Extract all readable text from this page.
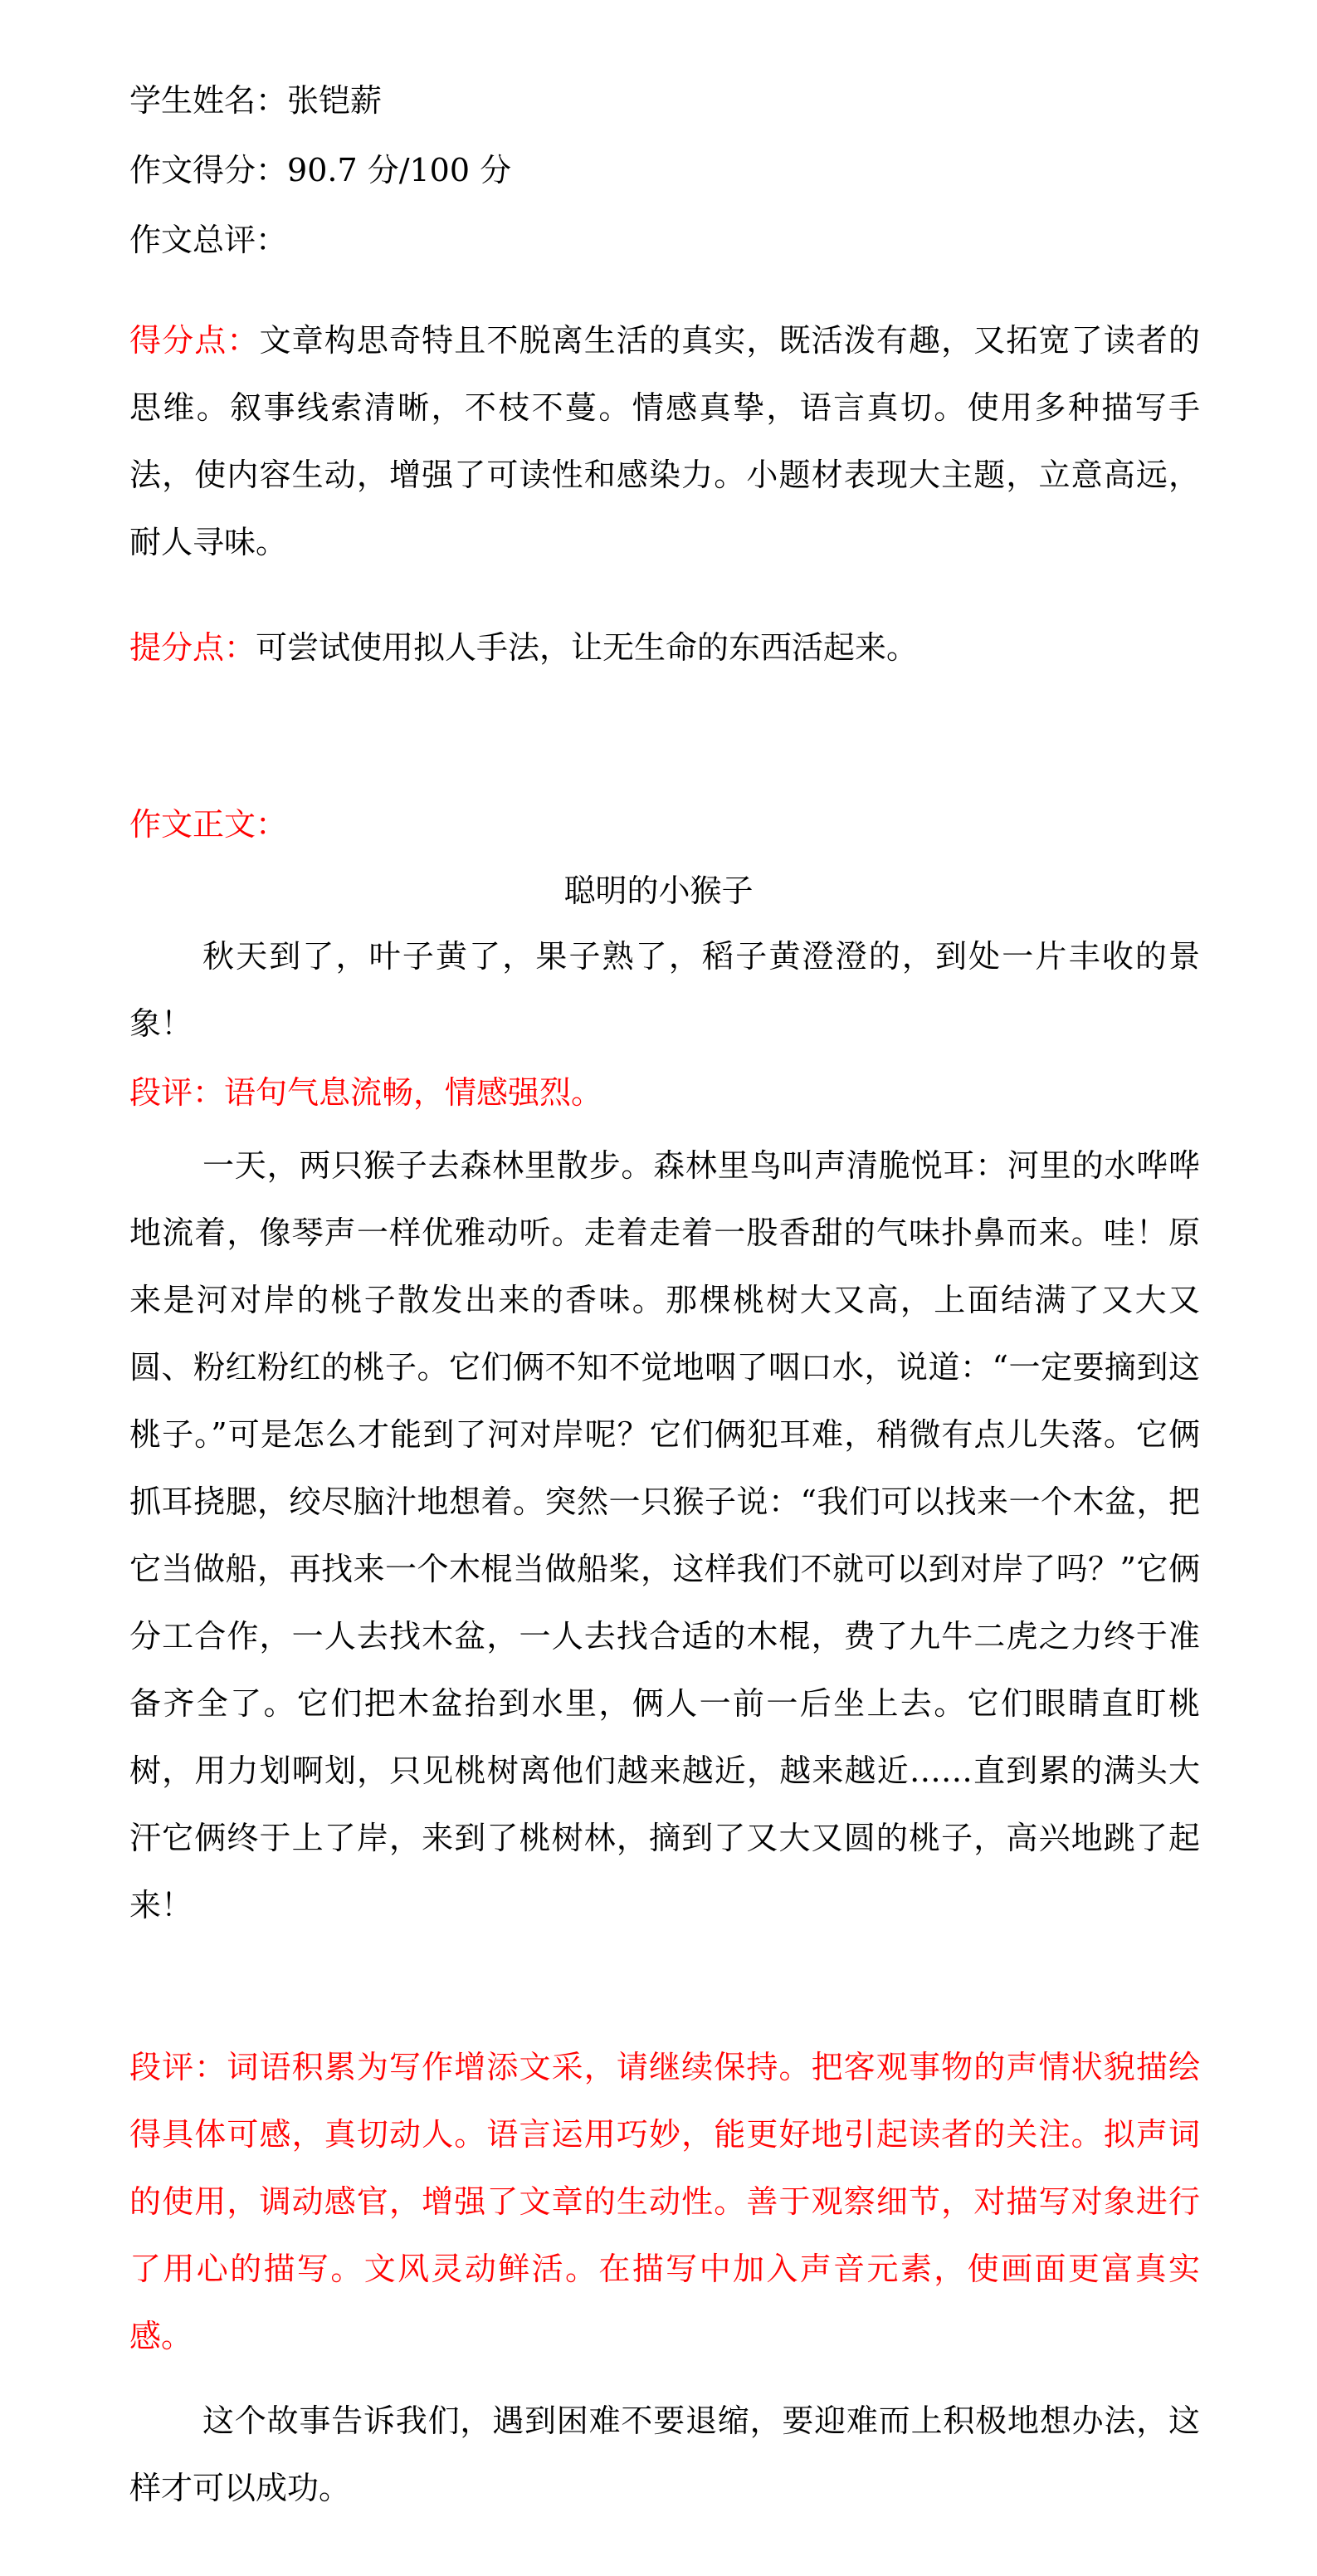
学生姓名：张铠薪
作文得分：90.7 分/100 分
作文总评：
得分点：文章构思奇特且不脱离生活的真实，既活泼有趣，又拓宽了读者的思维。叙事线索清晰，不枝不蔓。情感真挚，语言真切。使用多种描写手法，使内容生动，增强了可读性和感染力。小题材表现大主题，立意高远，耐人寻味。
提分点：可尝试使用拟人手法，让无生命的东西活起来。
作文正文：
聪明的小猴子
秋天到了，叶子黄了，果子熟了，稻子黄澄澄的，到处一片丰收的景象！
段评：语句气息流畅，情感强烈。
一天，两只猴子去森林里散步。森林里鸟叫声清脆悦耳：河里的水哗哗地流着，像琴声一样优雅动听。走着走着一股香甜的气味扑鼻而来。哇！原来是河对岸的桃子散发出来的香味。那棵桃树大又高，上面结满了又大又圆、粉红粉红的桃子。它们俩不知不觉地咽了咽口水，说道：“一定要摘到这桃子。”可是怎么才能到了河对岸呢？它们俩犯耳难，稍微有点儿失落。它俩抓耳挠腮，绞尽脑汁地想着。突然一只猴子说：“我们可以找来一个木盆，把它当做船，再找来一个木棍当做船桨，这样我们不就可以到对岸了吗？”它俩分工合作，一人去找木盆，一人去找合适的木棍，费了九牛二虎之力终于准备齐全了。它们把木盆抬到水里，俩人一前一后坐上去。它们眼睛直盯桃树，用力划啊划，只见桃树离他们越来越近，越来越近……直到累的满头大汗它俩终于上了岸，来到了桃树林，摘到了又大又圆的桃子，高兴地跳了起来！
段评：词语积累为写作增添文采，请继续保持。把客观事物的声情状貌描绘得具体可感，真切动人。语言运用巧妙，能更好地引起读者的关注。拟声词的使用，调动感官，增强了文章的生动性。善于观察细节，对描写对象进行了用心的描写。文风灵动鲜活。在描写中加入声音元素，使画面更富真实感。
这个故事告诉我们，遇到困难不要退缩，要迎难而上积极地想办法，这样才可以成功。
